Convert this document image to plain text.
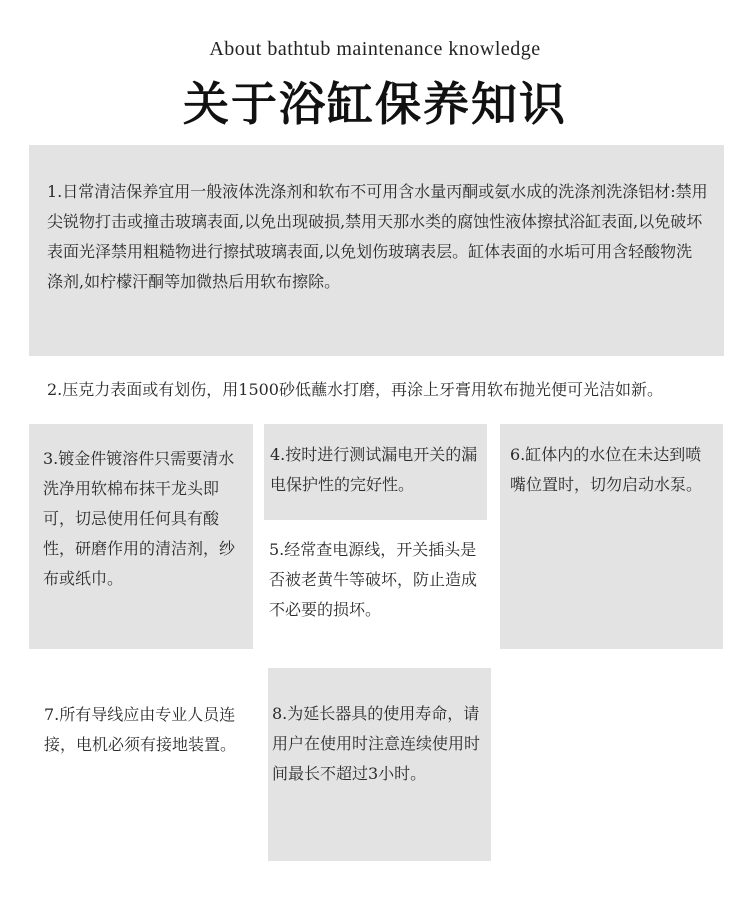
About bathtub maintenance knowledge
关于浴缸保养知识
1.日常清洁保养宜用一般液体洗涤剂和软布不可用含水量丙酮或氨水成的洗涤剂洗涤铝材:禁用尖锐物打击或撞击玻璃表面,以免出现破损,禁用天那水类的腐蚀性液体擦拭浴缸表面,以免破坏表面光泽禁用粗糙物进行擦拭玻璃表面,以免划伤玻璃表层。缸体表面的水垢可用含轻酸物洗涤剂,如柠檬汗酮等加微热后用软布擦除。
2.压克力表面或有划伤，用1500砂低蘸水打磨，再涂上牙膏用软布抛光便可光洁如新。
3.镀金件镀溶件只需要清水洗净用软棉布抹干龙头即可，切忌使用任何具有酸性，研磨作用的清洁剂，纱布或纸巾。
4.按时进行测试漏电开关的漏电保护性的完好性。
6.缸体内的水位在未达到喷嘴位置时，切勿启动水泵。
5.经常查电源线，开关插头是否被老黄牛等破坏，防止造成不必要的损坏。
7.所有导线应由专业人员连接，电机必须有接地装置。
8.为延长器具的使用寿命，请用户在使用时注意连续使用时间最长不超过3小时。
